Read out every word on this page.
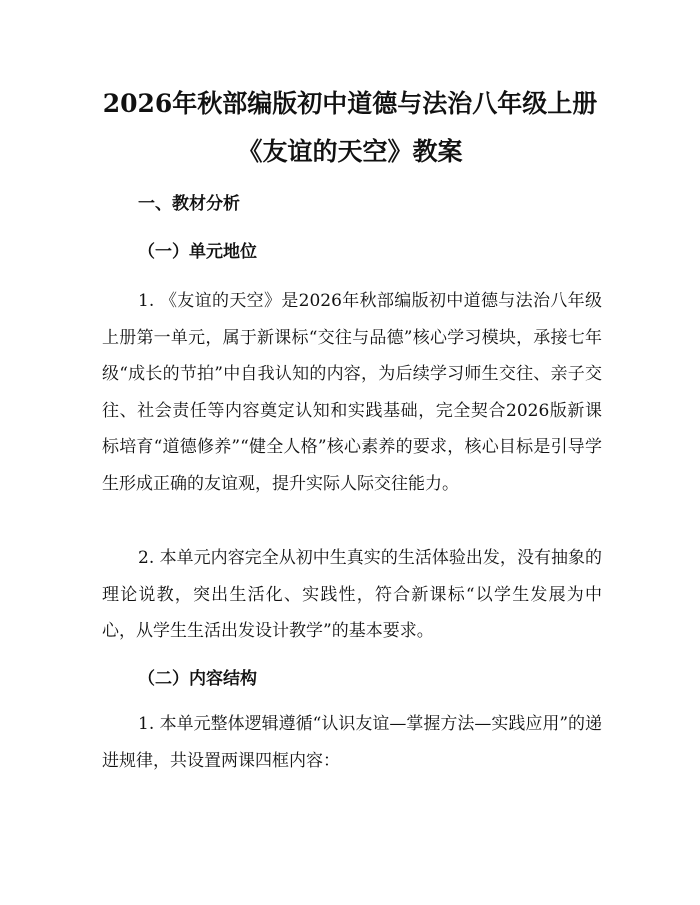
2026年秋部编版初中道德与法治八年级上册
《友谊的天空》教案
一、教材分析
（一）单元地位

1. 《友谊的天空》是2026年秋部编版初中道德与法治八年级上册第一单元，属于新课标“交往与品德”核心学习模块，承接七年级“成长的节拍”中自我认知的内容，为后续学习师生交往、亲子交往、社会责任等内容奠定认知和实践基础，完全契合2026版新课标培育“道德修养”“健全人格”核心素养的要求，核心目标是引导学生形成正确的友谊观，提升实际人际交往能力。

2. 本单元内容完全从初中生真实的生活体验出发，没有抽象的理论说教，突出生活化、实践性，符合新课标“以学生发展为中心，从学生生活出发设计教学”的基本要求。

（二）内容结构

1. 本单元整体逻辑遵循“认识友谊—掌握方法—实践应用”的递进规律，共设置两课四框内容：
